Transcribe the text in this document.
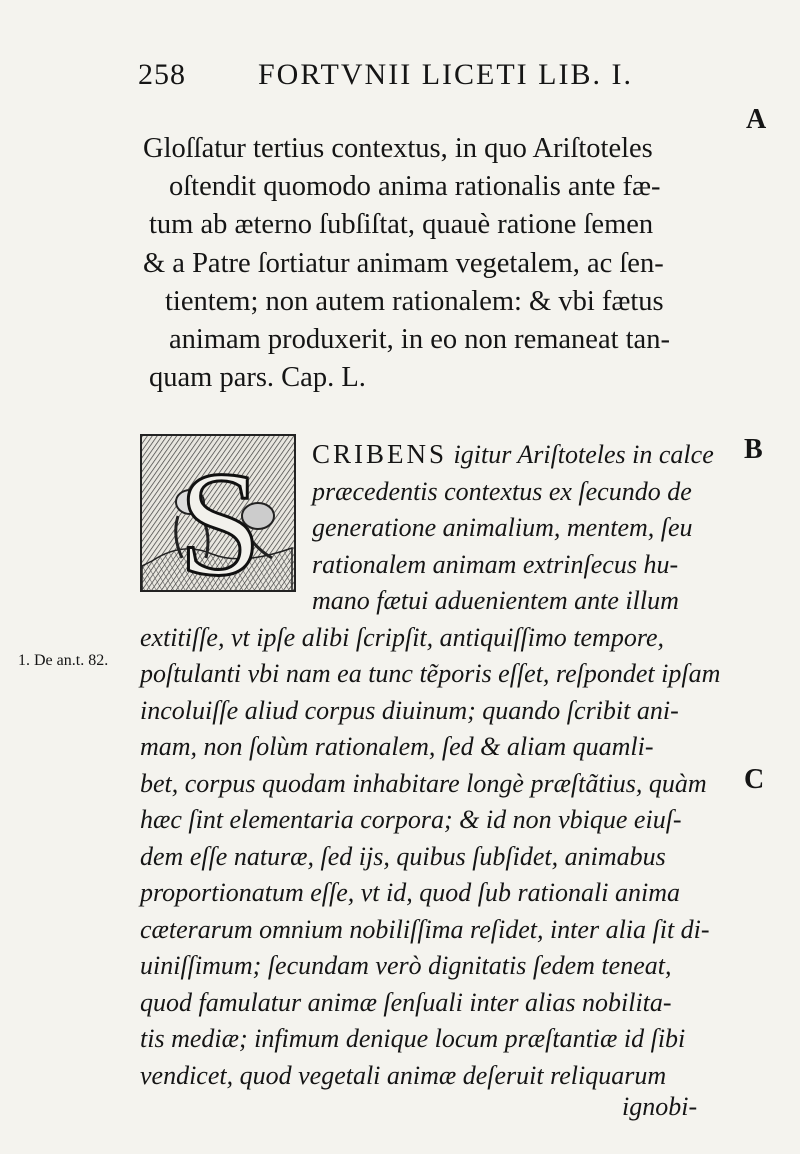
258 FORTVNII LICETI LIB. I.
A
B
C
Gloſſatur tertius contextus, in quo Ariſtoteles
oſtendit quomodo anima rationalis ante fæ-
tum ab æterno ſubſiſtat, quauè ratione ſemen
& a Patre ſortiatur animam vegetalem, ac ſen-
tientem; non autem rationalem: & vbi fætus
animam produxerit, in eo non remaneat tan-
quam pars. Cap. L.
S	CRIBENS igitur Ariſtoteles in calce
præcedentis contextus ex ſecundo de
generatione animalium, mentem, ſeu
rationalem animam extrinſecus hu-
mano fætui aduenientem ante illum
extitiſſe, vt ipſe alibi ſcripſit, antiquiſſimo tempore,
poſtulanti vbi nam ea tunc tẽporis eſſet, reſpondet ipſam
incoluiſſe aliud corpus diuinum; quando ſcribit ani-
mam, non ſolùm rationalem, ſed & aliam quamli-
bet, corpus quodam inhabitare longè præſtãtius, quàm
hæc ſint elementaria corpora; & id non vbique eiuſ-
dem eſſe naturæ, ſed ijs, quibus ſubſidet, animabus
proportionatum eſſe, vt id, quod ſub rationali anima
cæterarum omnium nobiliſſima reſidet, inter alia ſit di-
uiniſſimum; ſecundam verò dignitatis ſedem teneat,
quod famulatur animæ ſenſuali inter alias nobilita-
tis mediæ; infimum denique locum præſtantiæ id ſibi
vendicet, quod vegetali animæ deſeruit reliquarum
1. De an.t. 82.
ignobi-
